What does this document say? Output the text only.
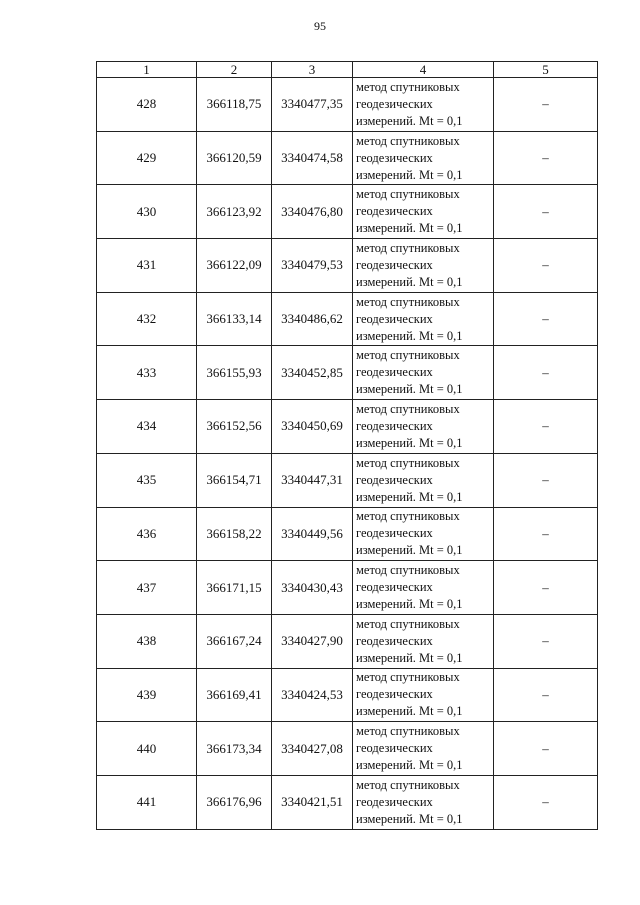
95
1	2	3	4	5
428	366118,75	3340477,35	метод спутниковых
геодезических
измерений. Mt = 0,1	–
429	366120,59	3340474,58	метод спутниковых
геодезических
измерений. Mt = 0,1	–
430	366123,92	3340476,80	метод спутниковых
геодезических
измерений. Mt = 0,1	–
431	366122,09	3340479,53	метод спутниковых
геодезических
измерений. Mt = 0,1	–
432	366133,14	3340486,62	метод спутниковых
геодезических
измерений. Mt = 0,1	–
433	366155,93	3340452,85	метод спутниковых
геодезических
измерений. Mt = 0,1	–
434	366152,56	3340450,69	метод спутниковых
геодезических
измерений. Mt = 0,1	–
435	366154,71	3340447,31	метод спутниковых
геодезических
измерений. Mt = 0,1	–
436	366158,22	3340449,56	метод спутниковых
геодезических
измерений. Mt = 0,1	–
437	366171,15	3340430,43	метод спутниковых
геодезических
измерений. Mt = 0,1	–
438	366167,24	3340427,90	метод спутниковых
геодезических
измерений. Mt = 0,1	–
439	366169,41	3340424,53	метод спутниковых
геодезических
измерений. Mt = 0,1	–
440	366173,34	3340427,08	метод спутниковых
геодезических
измерений. Mt = 0,1	–
441	366176,96	3340421,51	метод спутниковых
геодезических
измерений. Mt = 0,1	–
